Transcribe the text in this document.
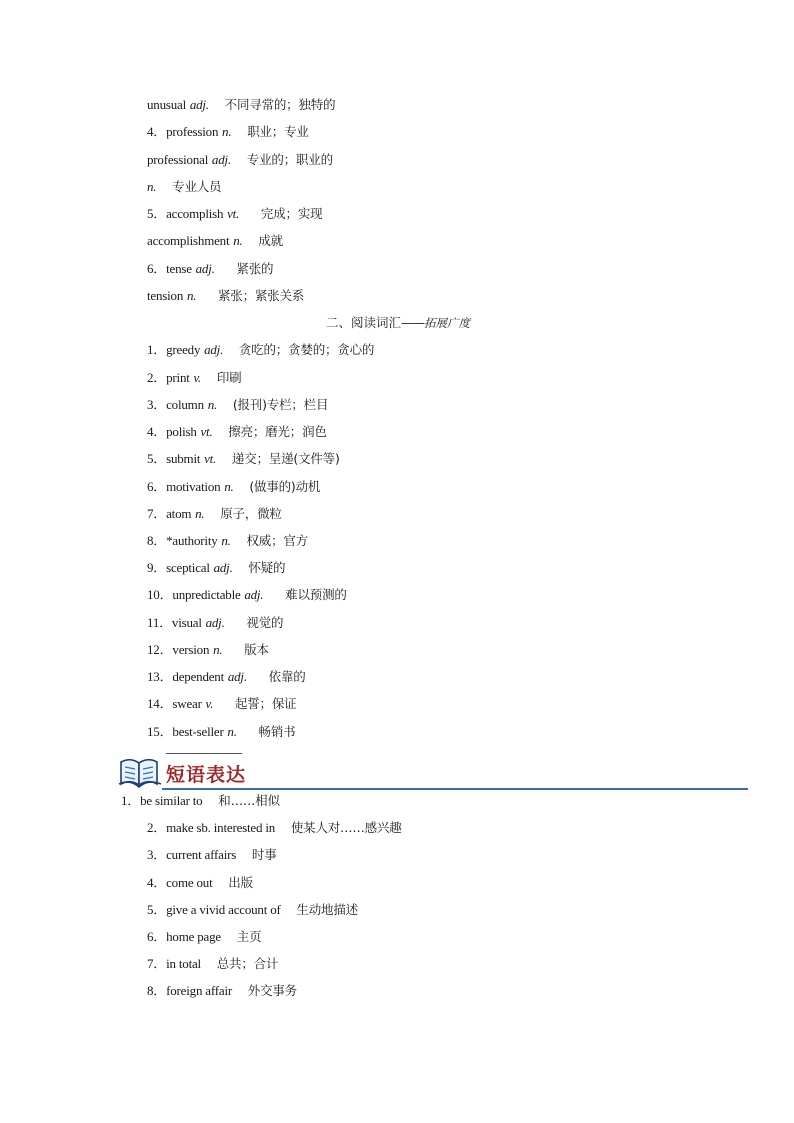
unusual adj. 不同寻常的；独特的
4．profession n. 职业；专业
professional adj. 专业的；职业的
n. 专业人员
5．accomplish vt. 完成；实现
accomplishment n. 成就
6．tense adj. 紧张的
tension n. 紧张；紧张关系
二、阅读词汇——拓展广度
1．greedy adj. 贪吃的；贪婪的；贪心的
2．print v. 印刷
3．column n. (报刊)专栏；栏目
4．polish vt. 擦亮；磨光；润色
5．submit vt. 递交；呈递(文件等)
6．motivation n. (做事的)动机
7．atom n. 原子，微粒
8．*authority n. 权威；官方
9．sceptical adj. 怀疑的
10．unpredictable adj. 难以预测的
11．visual adj. 视觉的
12．version n. 版本
13．dependent adj. 依靠的
14．swear v. 起誓；保证
15．best-seller n. 畅销书
短语表达
1．be similar to 和……相似
2．make sb. interested in 使某人对……感兴趣
3．current affairs 时事
4．come out 出版
5．give a vivid account of 生动地描述
6．home page 主页
7．in total 总共；合计
8．foreign affair 外交事务
